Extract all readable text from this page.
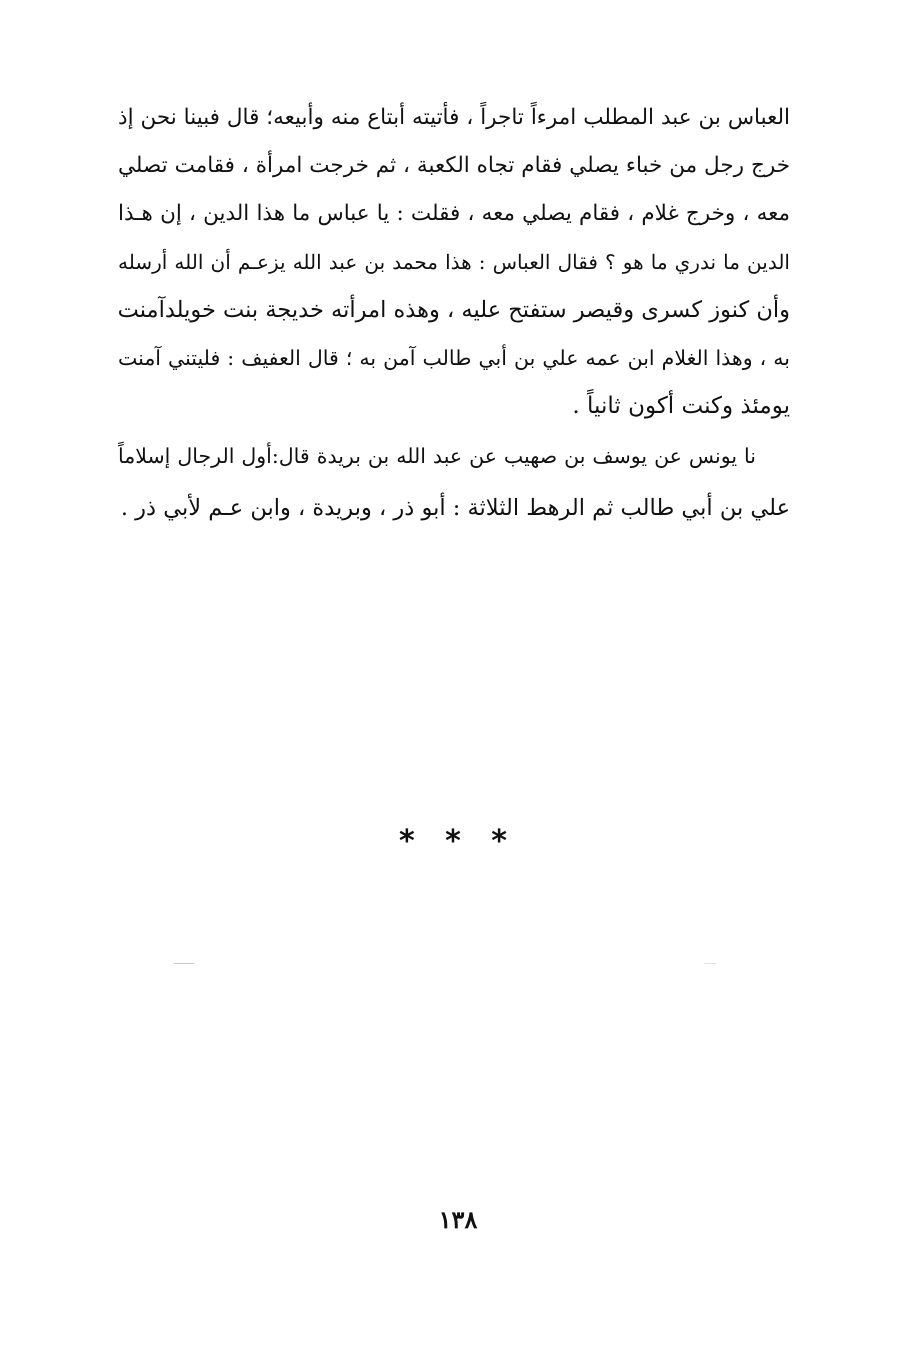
العباس بن عبد المطلب امرءاً تاجراً ، فأتيته أبتاع منه وأبيعه؛ قال فبينا نحن إذ
خرج رجل من خباء يصلي فقام تجاه الكعبة ، ثم خرجت امرأة ، فقامت تصلي
معه ، وخرج غلام ، فقام يصلي معه ، فقلت : يا عباس ما هذا الدين ، إن هـذا
الدين ما ندري ما هو ؟ فقال العباس : هذا محمد بن عبد الله يزعـم أن الله أرسله
وأن كنوز كسرى وقيصر ستفتح عليه ، وهذه امرأته خديجة بنت خويلدآمنت
به ، وهذا الغلام ابن عمه علي بن أبي طالب آمن به ؛ قال العفيف : فليتني آمنت
يومئذ وكنت أكون ثانياً .
نا يونس عن يوسف بن صهيب عن عبد الله بن بريدة قال:أول الرجال إسلاماً
علي بن أبي طالب ثم الرهط الثلاثة : أبو ذر ، وبريدة ، وابن عـم لأبي ذر .
* * *
١٣٨
